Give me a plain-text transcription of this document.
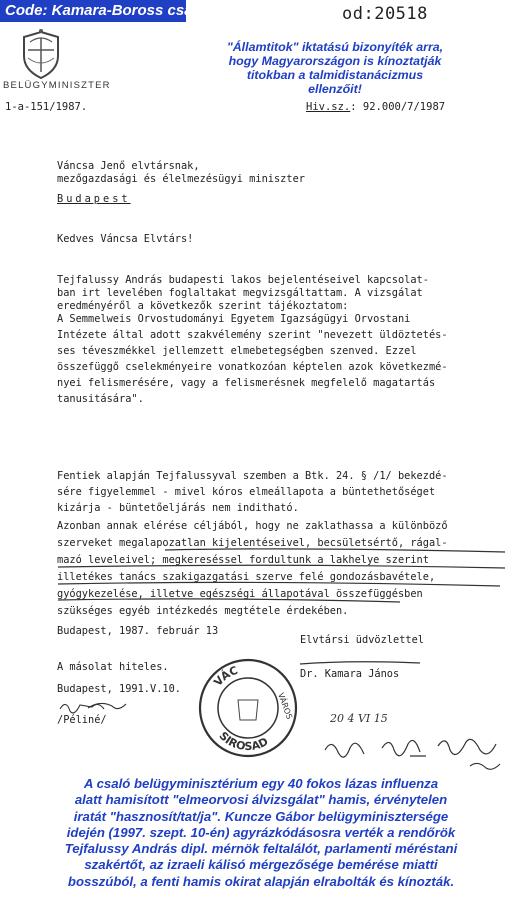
Code: Kamara-Boross csalása	od:20518
BELÜGYMINISZTER
"Államtitok" iktatású bizonyíték arra,
hogy Magyarországon is kínoztatják
titokban a talmidistanácizmus
ellenzőit!
1-a-151/1987.	Hiv.sz.: 92.000/7/1987
Váncsa Jenő elvtársnak,
mezőgazdasági és élelmezésügyi miniszter
Budapest
Kedves Váncsa Elvtárs!
Tejfalussy András budapesti lakos bejelentéseivel kapcsolat-
ban irt levelében foglaltakat megvizsgáltattam. A vizsgálat
eredményéről a következők szerint tájékoztatom:
A Semmelweis Orvostudományi Egyetem Igazságügyi Orvostani
Intézete által adott szakvélemény szerint "nevezett üldöztetés-
ses téveszmékkel jellemzett elmebetegségben szenved. Ezzel
összefüggő cselekményeire vonatkozóan képtelen azok következmé-
nyei felismerésére, vagy a felismerésnek megfelelő magatartás
tanusitására".
Fentiek alapján Tejfalussyval szemben a Btk. 24. § /1/ bekezdé-
sére figyelemmel - mivel kóros elmeállapota a büntethetőséget
kizárja - büntetőeljárás nem inditható.
Azonban annak elérése céljából, hogy ne zaklathassa a különböző
szerveket megalapozatlan kijelentéseivel, becsületsértő, rágal-
mazó leveleivel; megkereséssel fordultunk a lakhelye szerint
illetékes tanács szakigazgatási szerve felé gondozásbavétele,
gyógykezelése, illetve egészségi állapotával összefüggésben
szükséges egyéb intézkedés megtétele érdekében.
Budapest, 1987. február 13
Elvtársi üdvözlettel
Dr. Kamara János
A másolat hiteles.
Budapest, 1991.V.10.
/Péliné/
VÁC
SIROSAD
VÁROS	20 4 VI 15
A csaló belügyminisztérium egy 40 fokos lázas influenza
alatt hamisított "elmeorvosi álvizsgálat" hamis, érvénytelen
iratát "hasznosít/tat/ja". Kuncze Gábor belügyminisztersége
idején (1997. szept. 10-én) agyrázkódásosra verték a rendőrök
Tejfalussy András dipl. mérnök feltalálót, parlamenti méréstani
szakértőt, az izraeli kálisó mérgezősége bemérése miatti
bosszúból, a fenti hamis okirat alapján elrabolták és kínozták.
